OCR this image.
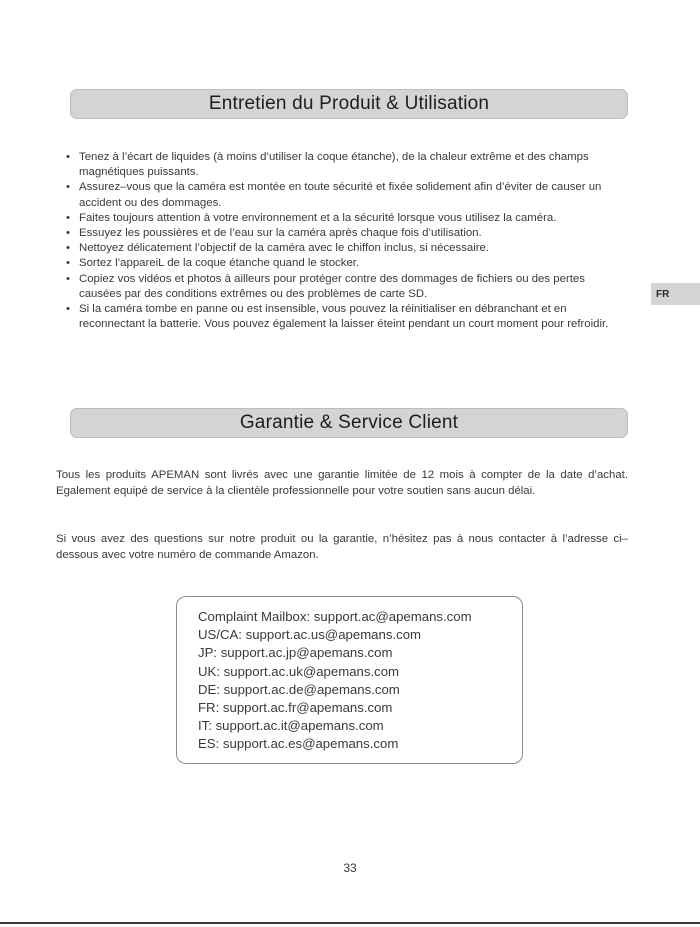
Entretien du Produit & Utilisation
• Tenez à l’écart de liquides (à moins d’utiliser la coque étanche), de la chaleur extrême et des champs magnétiques puissants.
• Assurez–vous que la caméra est montée en toute sécurité et fixée solidement afin d’éviter de causer un accident ou des dommages.
• Faites toujours attention à votre environnement et a la sécurité lorsque vous utilisez la caméra.
• Essuyez les poussières et de l’eau sur la caméra après chaque fois d’utilisation.
• Nettoyez délicatement l’objectif de la caméra avec le chiffon inclus, si nécessaire.
• Sortez l’appareiL de la coque étanche quand le stocker.
• Copiez vos vidéos et photos à ailleurs pour protéger contre des dommages de fichiers ou des pertes causées par des conditions extrêmes ou des problèmes de carte SD.
• Si la caméra tombe en panne ou est insensible, vous pouvez la réinitialiser en débranchant et en reconnectant la batterie. Vous pouvez également la laisser éteint pendant un court moment pour refroidir.
FR
Garantie & Service Client

Tous les produits APEMAN sont livrés avec une garantie limitée de 12 mois à compter de la date d’achat. Egalement equipé de service à la clientèle professionnelle pour votre soutien sans aucun délai.

Si vous avez des questions sur notre produit ou la garantie, n’hésitez pas à nous contacter à l’adresse ci–dessous avec votre numéro de commande Amazon.

Complaint Mailbox: support.ac@apemans.com
US/CA: support.ac.us@apemans.com
JP: support.ac.jp@apemans.com
UK: support.ac.uk@apemans.com
DE: support.ac.de@apemans.com
FR: support.ac.fr@apemans.com
IT: support.ac.it@apemans.com
ES: support.ac.es@apemans.com
33
